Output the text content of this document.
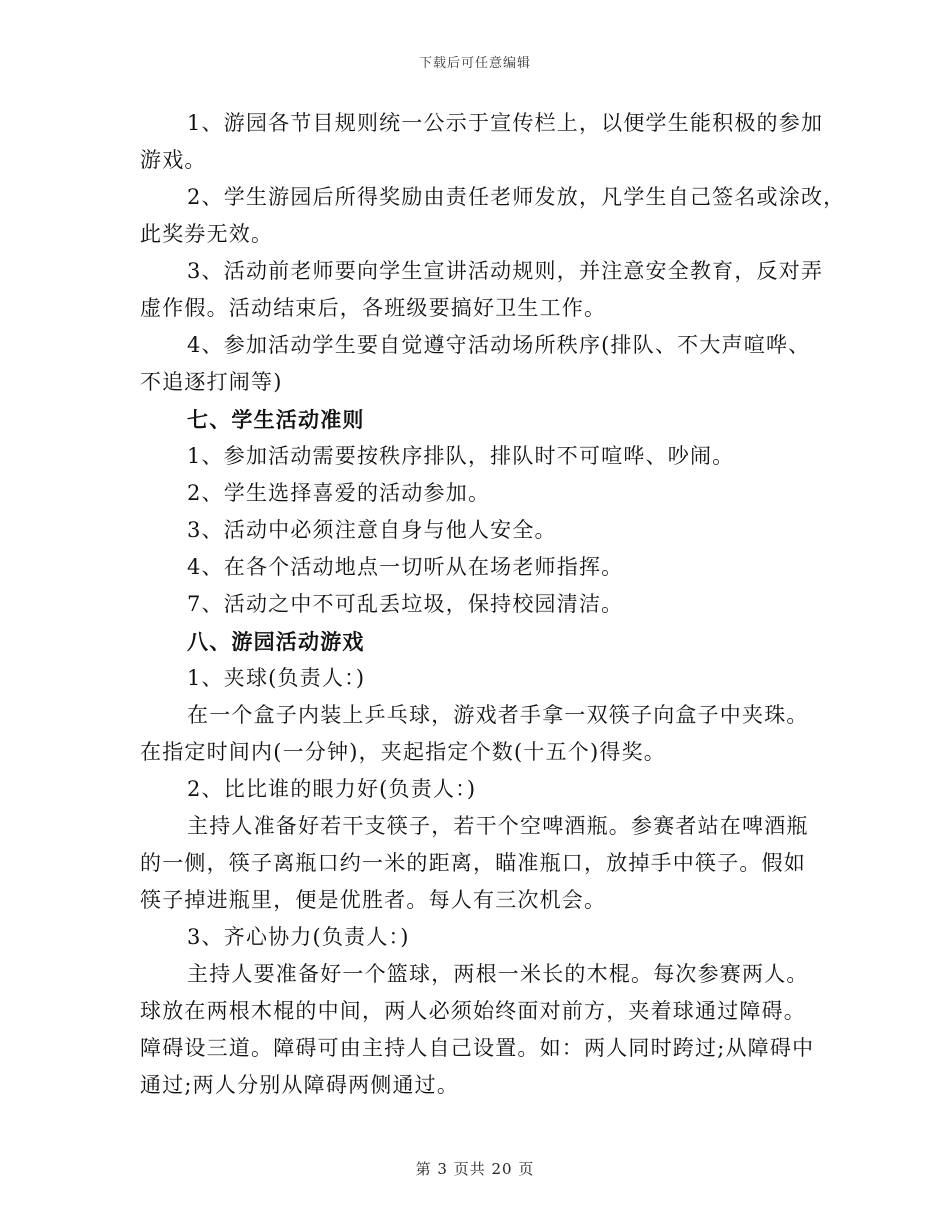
下载后可任意编辑
1、游园各节目规则统一公示于宣传栏上，以便学生能积极的参加
游戏。
2、学生游园后所得奖励由责任老师发放，凡学生自己签名或涂改，
此奖券无效。
3、活动前老师要向学生宣讲活动规则，并注意安全教育，反对弄
虚作假。活动结束后，各班级要搞好卫生工作。
4、参加活动学生要自觉遵守活动场所秩序(排队、不大声喧哗、
不追逐打闹等)
七、学生活动准则
1、参加活动需要按秩序排队，排队时不可喧哗、吵闹。
2、学生选择喜爱的活动参加。
3、活动中必须注意自身与他人安全。
4、在各个活动地点一切听从在场老师指挥。
7、活动之中不可乱丢垃圾，保持校园清洁。
八、游园活动游戏
1、夹球(负责人：)
在一个盒子内装上乒乓球，游戏者手拿一双筷子向盒子中夹珠。
在指定时间内(一分钟)，夹起指定个数(十五个)得奖。
2、比比谁的眼力好(负责人：)
主持人准备好若干支筷子，若干个空啤酒瓶。参赛者站在啤酒瓶
的一侧，筷子离瓶口约一米的距离，瞄准瓶口，放掉手中筷子。假如
筷子掉进瓶里，便是优胜者。每人有三次机会。
3、齐心协力(负责人：)
主持人要准备好一个篮球，两根一米长的木棍。每次参赛两人。
球放在两根木棍的中间，两人必须始终面对前方，夹着球通过障碍。
障碍设三道。障碍可由主持人自己设置。如：两人同时跨过;从障碍中
通过;两人分别从障碍两侧通过。
第 3 页共 20 页
